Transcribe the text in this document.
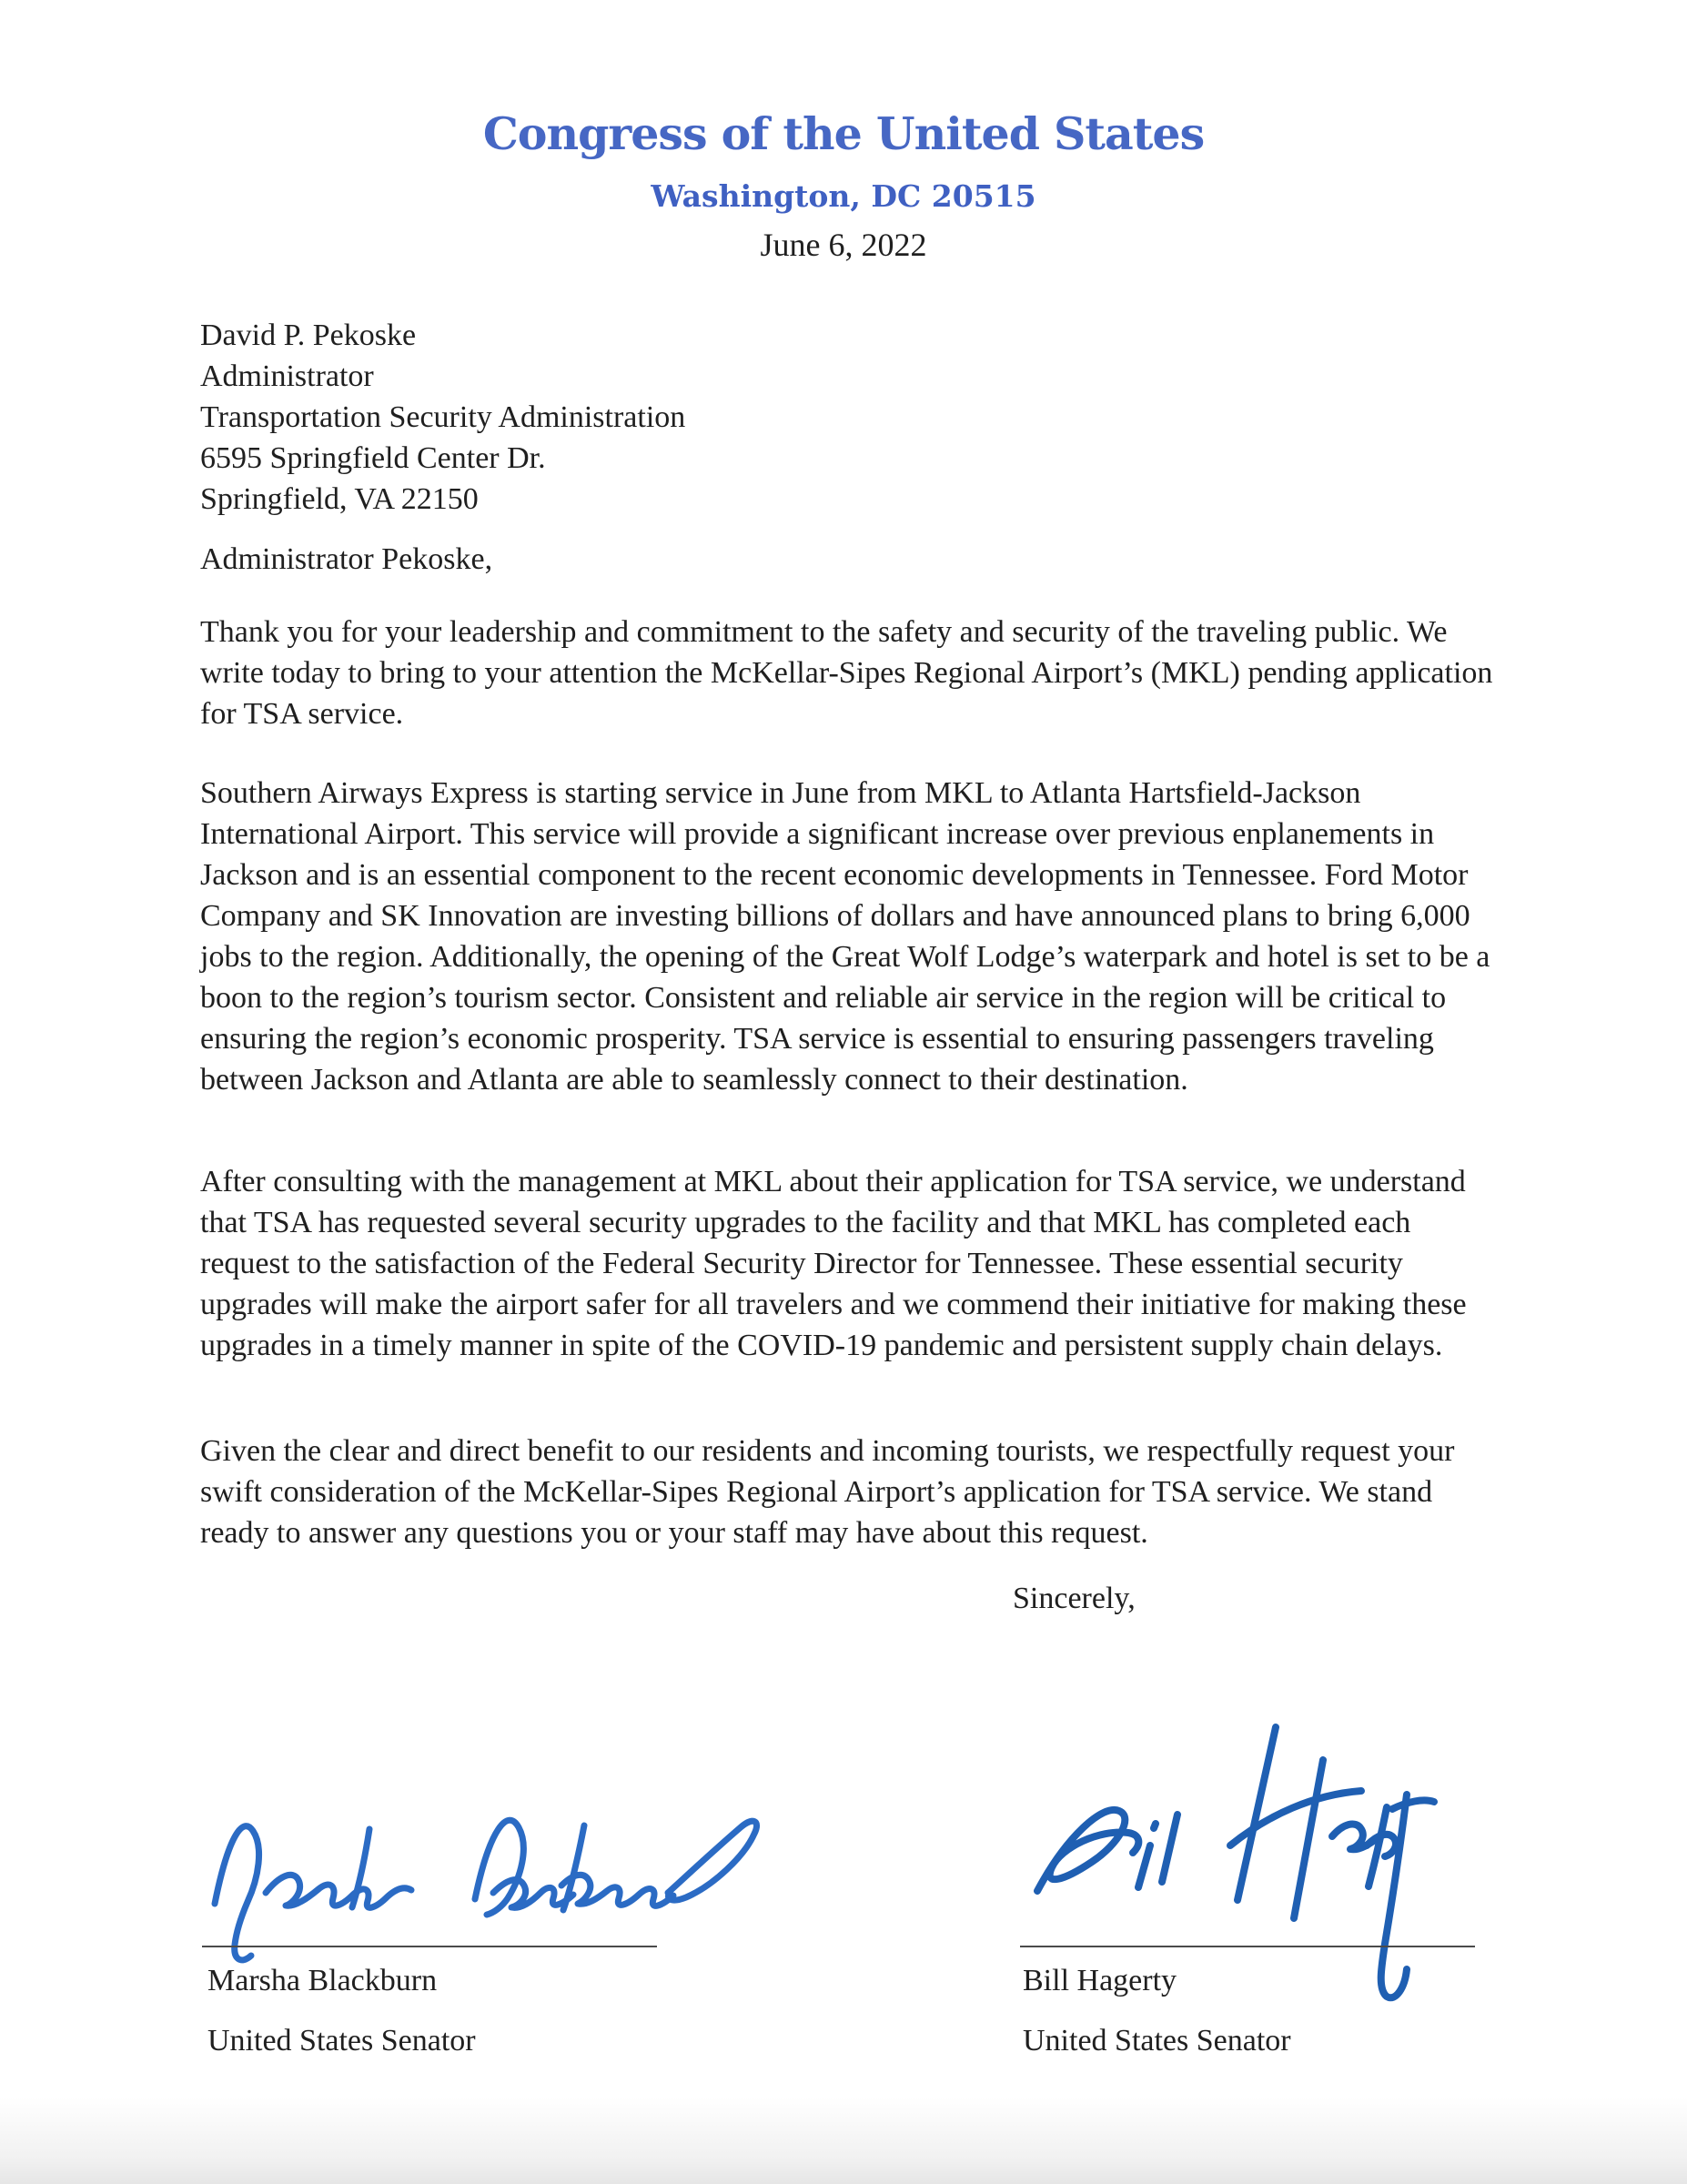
Congress of the United States
Washington, DC 20515
June 6, 2022
David P. Pekoske
Administrator
Transportation Security Administration
6595 Springfield Center Dr.
Springfield, VA 22150
Administrator Pekoske,

Thank you for your leadership and commitment to the safety and security of the traveling public. We write today to bring to your attention the McKellar-Sipes Regional Airport’s (MKL) pending application for TSA service.

Southern Airways Express is starting service in June from MKL to Atlanta Hartsfield-Jackson International Airport. This service will provide a significant increase over previous enplanements in Jackson and is an essential component to the recent economic developments in Tennessee. Ford Motor Company and SK Innovation are investing billions of dollars and have announced plans to bring 6,000 jobs to the region. Additionally, the opening of the Great Wolf Lodge’s waterpark and hotel is set to be a boon to the region’s tourism sector. Consistent and reliable air service in the region will be critical to ensuring the region’s economic prosperity. TSA service is essential to ensuring passengers traveling between Jackson and Atlanta are able to seamlessly connect to their destination.

After consulting with the management at MKL about their application for TSA service, we understand that TSA has requested several security upgrades to the facility and that MKL has completed each request to the satisfaction of the Federal Security Director for Tennessee. These essential security upgrades will make the airport safer for all travelers and we commend their initiative for making these upgrades in a timely manner in spite of the COVID-19 pandemic and persistent supply chain delays.

Given the clear and direct benefit to our residents and incoming tourists, we respectfully request your swift consideration of the McKellar-Sipes Regional Airport’s application for TSA service. We stand ready to answer any questions you or your staff may have about this request.

Sincerely,
Marsha Blackburn
United States Senator
Bill Hagerty
United States Senator
